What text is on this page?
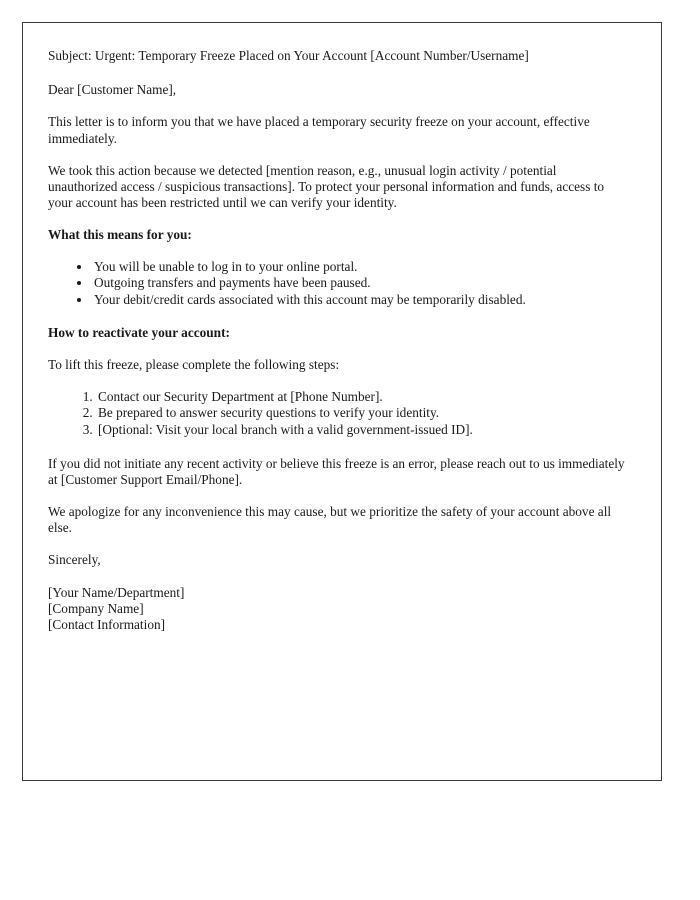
Subject: Urgent: Temporary Freeze Placed on Your Account [Account Number/Username]

Dear [Customer Name],

This letter is to inform you that we have placed a temporary security freeze on your account, effective immediately.

We took this action because we detected [mention reason, e.g., unusual login activity / potential unauthorized access / suspicious transactions]. To protect your personal information and funds, access to your account has been restricted until we can verify your identity.

What this means for you:
• You will be unable to log in to your online portal.
• Outgoing transfers and payments have been paused.
• Your debit/credit cards associated with this account may be temporarily disabled.
How to reactivate your account:

To lift this freeze, please complete the following steps:

1. Contact our Security Department at [Phone Number].
2. Be prepared to answer security questions to verify your identity.
3. [Optional: Visit your local branch with a valid government-issued ID].

If you did not initiate any recent activity or believe this freeze is an error, please reach out to us immediately at [Customer Support Email/Phone].

We apologize for any inconvenience this may cause, but we prioritize the safety of your account above all else.

Sincerely,

[Your Name/Department]
[Company Name]
[Contact Information]
